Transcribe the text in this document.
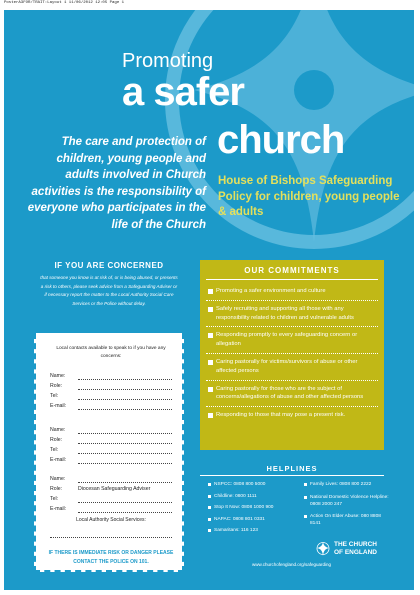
PosterA3FOR/TRAIT:Layout 1 11/06/2012 12:05 Page 1
Promoting
a safer
church
The care and protection of children, young people and adults involved in Church activities is the responsibility of everyone who participates in the life of the Church
House of Bishops Safeguarding Policy for children, young people & adults
IF YOU ARE CONCERNED
that someone you know is at risk of, or is being abused, or presents a risk to others, please seek advice from a Safeguarding Adviser or if necessary report the matter to the Local Authority Social Care Services or the Police without delay.
Local contacts available to speak to if you have any concerns:
Name:
Role:
Tel:
E-mail:
Name:
Role:
Tel:
E-mail:
Name:
Role:	Diocesan Safeguarding Adviser
Tel:
E-mail:
Local Authority Social Services:
IF THERE IS IMMEDIATE RISK OR DANGER PLEASE CONTACT THE POLICE ON 101.
OUR COMMITMENTS
Promoting a safer environment and culture
Safely recruiting and supporting all those with any responsibility related to children and vulnerable adults
Responding promptly to every safeguarding concern or allegation
Caring pastorally for victims/survivors of abuse or other affected persons
Caring pastorally for those who are the subject of concerns/allegations of abuse and other affected persons
Responding to those that may pose a present risk.
HELPLINES
NSPCC: 0808 800 5000
Childline: 0800 1111
Stop It Now: 0808 1000 900
NAPAC: 0808 801 0331
Samaritans: 116 123
Family Lives: 0808 800 2222
National Domestic Violence Helpline: 0808 2000 247
Action On Elder Abuse: 080 8808 8141
THE CHURCH
OF ENGLAND
www.churchofengland.org/safeguarding
